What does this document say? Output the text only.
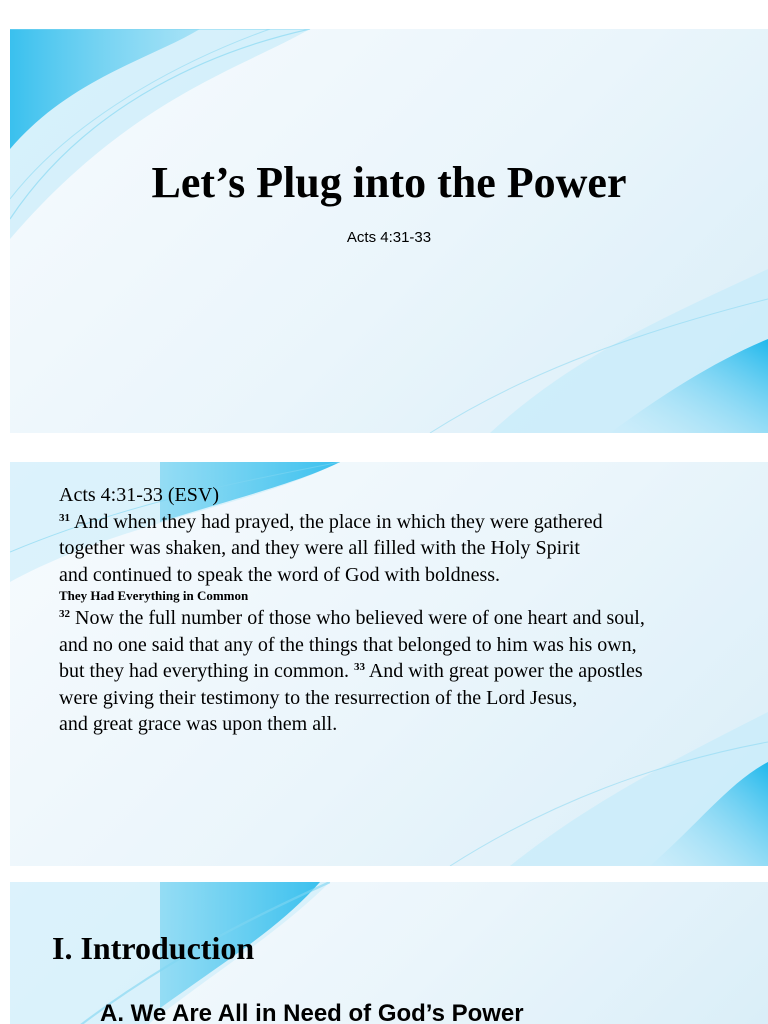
Let’s Plug into the Power
Acts 4:31-33
Acts 4:31-33 (ESV)
$^{31}$ And when they had prayed, the place in which they were gathered
together was shaken, and they were all filled with the Holy Spirit
and continued to speak the word of God with boldness.
They Had Everything in Common
$^{32}$ Now the full number of those who believed were of one heart and soul,
and no one said that any of the things that belonged to him was his own,
but they had everything in common. $^{33}$ And with great power the apostles
were giving their testimony to the resurrection of the Lord Jesus,
and great grace was upon them all.
I. Introduction
A. We Are All in Need of God’s Power
